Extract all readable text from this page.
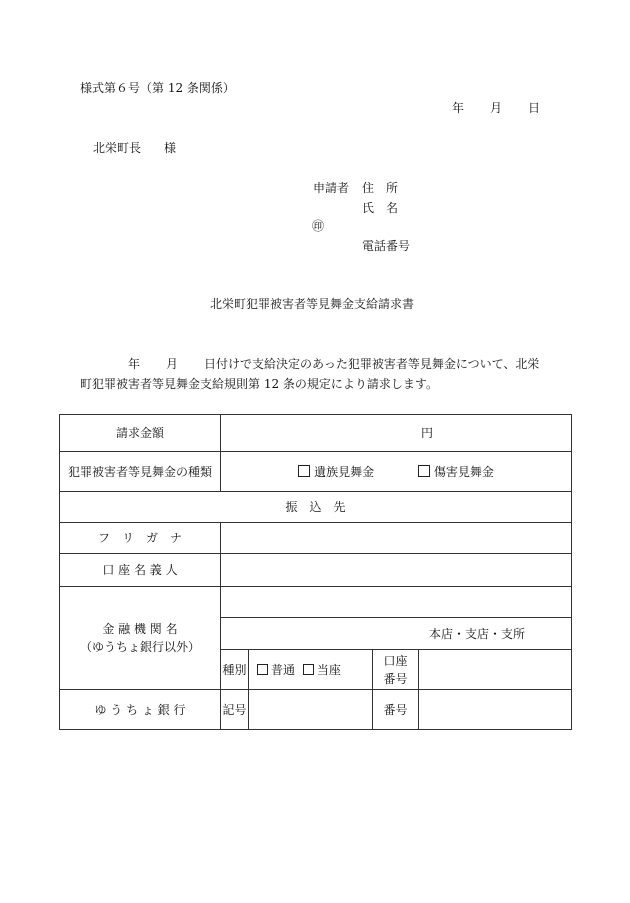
様式第６号（第 12 条関係）
年 月 日
北栄町長 様
申請者 住　所
氏　名
㊞
電話番号
北栄町犯罪被害者等見舞金支給請求書
年 月 日付けで支給決定のあった犯罪被害者等見舞金について、北栄
町犯罪被害者等見舞金支給規則第 12 条の規定により請求します。
請求金額	円			
犯罪被害者等見舞金の種類	遺族見舞金 傷害見舞金			
振　込　先				
フ　リ　ガ　ナ				
口 座 名 義 人				

金 融 機 関 名
（ゆうちょ銀行以外）				

	本店・支店・支所			
	種別	普通 当座	口座番号	
ゆ う ち ょ 銀 行	記号		番号	
